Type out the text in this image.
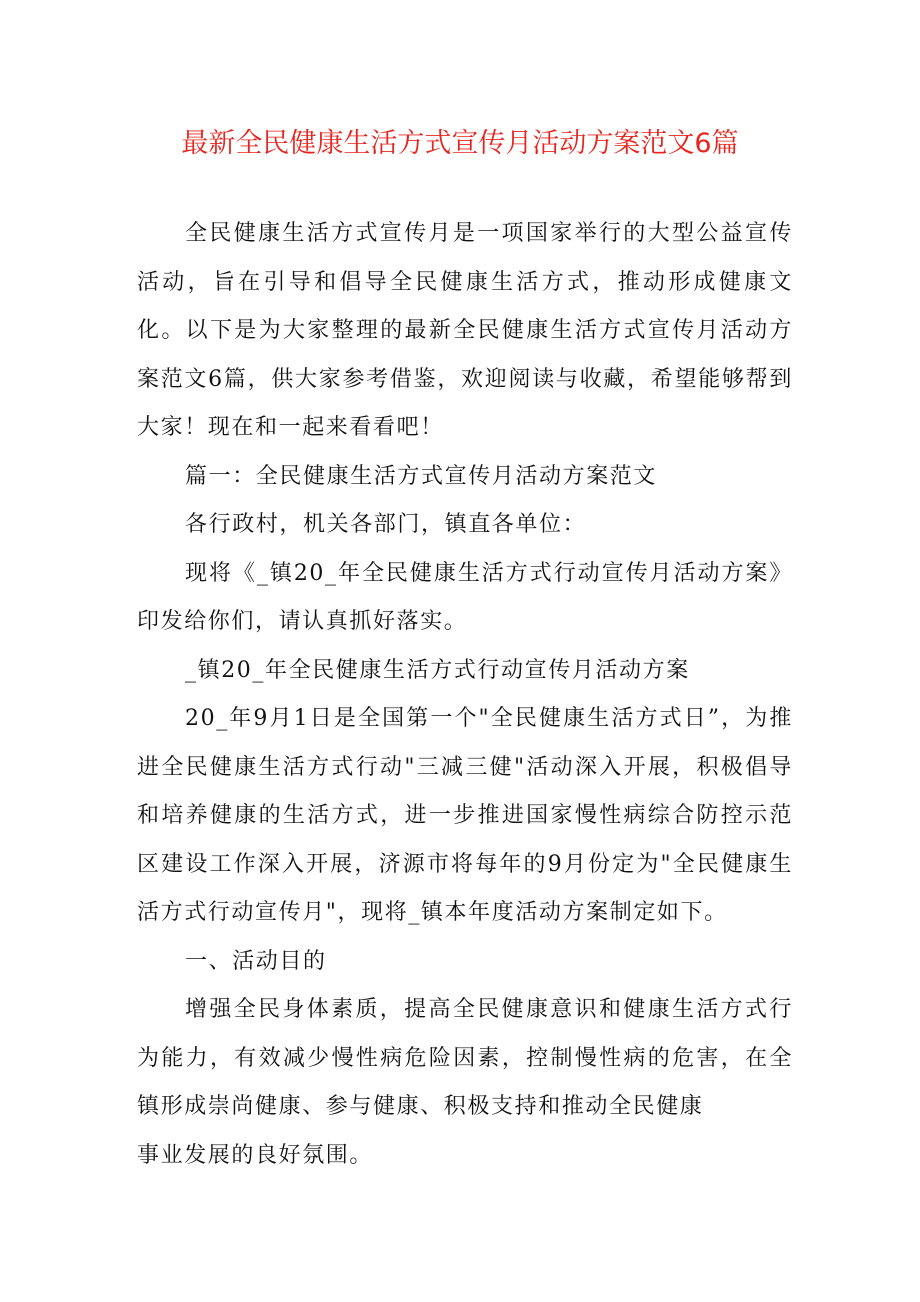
最新全民健康生活方式宣传月活动方案范文6篇

全民健康生活方式宣传月是一项国家举行的大型公益宣传活动，旨在引导和倡导全民健康生活方式，推动形成健康文化。以下是为大家整理的最新全民健康生活方式宣传月活动方案范文6篇，供大家参考借鉴，欢迎阅读与收藏，希望能够帮到大家！现在和一起来看看吧！

篇一：全民健康生活方式宣传月活动方案范文

各行政村，机关各部门，镇直各单位：

现将《_镇20_年全民健康生活方式行动宣传月活动方案》印发给你们，请认真抓好落实。

_镇20_年全民健康生活方式行动宣传月活动方案

20_年9月1日是全国第一个"全民健康生活方式日”，为推进全民健康生活方式行动"三减三健"活动深入开展，积极倡导和培养健康的生活方式，进一步推进国家慢性病综合防控示范区建设工作深入开展，济源市将每年的9月份定为"全民健康生活方式行动宣传月"，现将_镇本年度活动方案制定如下。

一、活动目的

增强全民身体素质，提高全民健康意识和健康生活方式行为能力，有效减少慢性病危险因素，控制慢性病的危害，在全镇形成崇尚健康、参与健康、积极支持和推动全民健康

事业发展的良好氛围。
